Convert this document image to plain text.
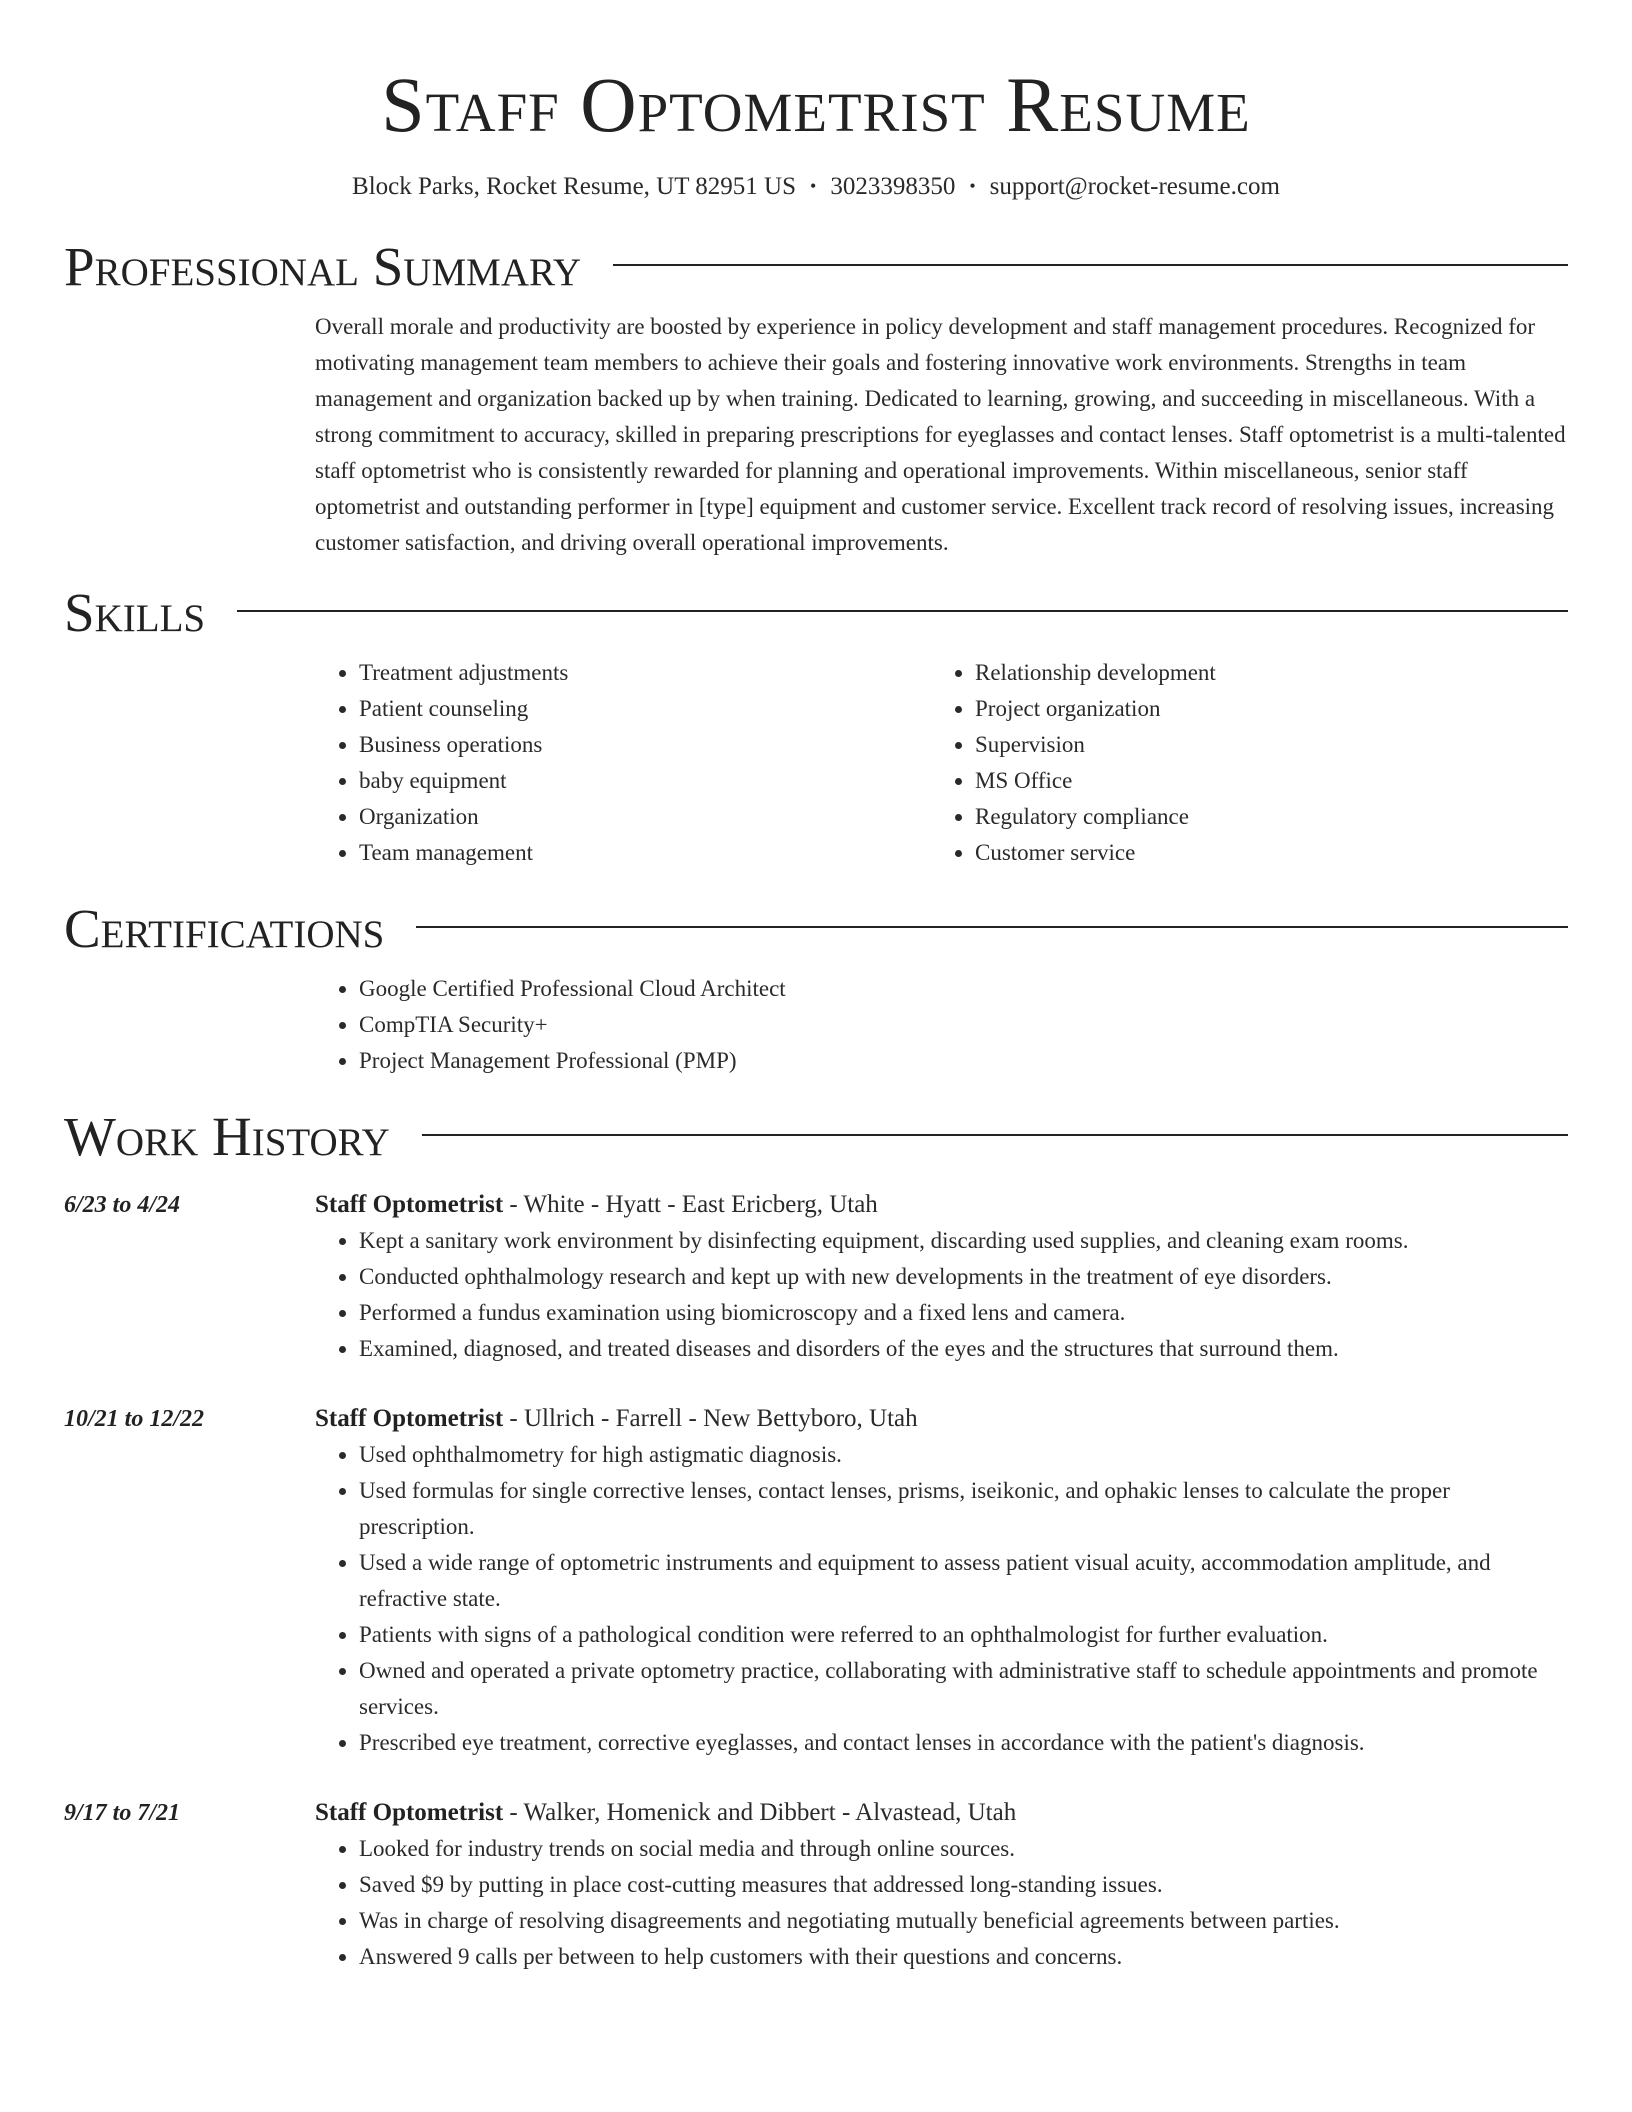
Staff Optometrist Resume
Block Parks, Rocket Resume, UT 82951 US • 3023398350 • support@rocket-resume.com
Professional Summary
Overall morale and productivity are boosted by experience in policy development and staff management procedures. Recognized for motivating management team members to achieve their goals and fostering innovative work environments. Strengths in team management and organization backed up by when training. Dedicated to learning, growing, and succeeding in miscellaneous. With a strong commitment to accuracy, skilled in preparing prescriptions for eyeglasses and contact lenses. Staff optometrist is a multi-talented staff optometrist who is consistently rewarded for planning and operational improvements. Within miscellaneous, senior staff optometrist and outstanding performer in [type] equipment and customer service. Excellent track record of resolving issues, increasing customer satisfaction, and driving overall operational improvements.
Skills
• Treatment adjustments
• Patient counseling
• Business operations
• baby equipment
• Organization
• Team management
• Relationship development
• Project organization
• Supervision
• MS Office
• Regulatory compliance
• Customer service
Certifications
• Google Certified Professional Cloud Architect
• CompTIA Security+
• Project Management Professional (PMP)
Work History
6/23 to 4/24	Staff Optometrist - White - Hyatt - East Ericberg, Utah
• Kept a sanitary work environment by disinfecting equipment, discarding used supplies, and cleaning exam rooms.
• Conducted ophthalmology research and kept up with new developments in the treatment of eye disorders.
• Performed a fundus examination using biomicroscopy and a fixed lens and camera.
• Examined, diagnosed, and treated diseases and disorders of the eyes and the structures that surround them.
10/21 to 12/22	Staff Optometrist - Ullrich - Farrell - New Bettyboro, Utah
• Used ophthalmometry for high astigmatic diagnosis.
• Used formulas for single corrective lenses, contact lenses, prisms, iseikonic, and ophakic lenses to calculate the proper prescription.
• Used a wide range of optometric instruments and equipment to assess patient visual acuity, accommodation amplitude, and refractive state.
• Patients with signs of a pathological condition were referred to an ophthalmologist for further evaluation.
• Owned and operated a private optometry practice, collaborating with administrative staff to schedule appointments and promote services.
• Prescribed eye treatment, corrective eyeglasses, and contact lenses in accordance with the patient's diagnosis.
9/17 to 7/21	Staff Optometrist - Walker, Homenick and Dibbert - Alvastead, Utah
• Looked for industry trends on social media and through online sources.
• Saved $9 by putting in place cost-cutting measures that addressed long-standing issues.
• Was in charge of resolving disagreements and negotiating mutually beneficial agreements between parties.
• Answered 9 calls per between to help customers with their questions and concerns.
